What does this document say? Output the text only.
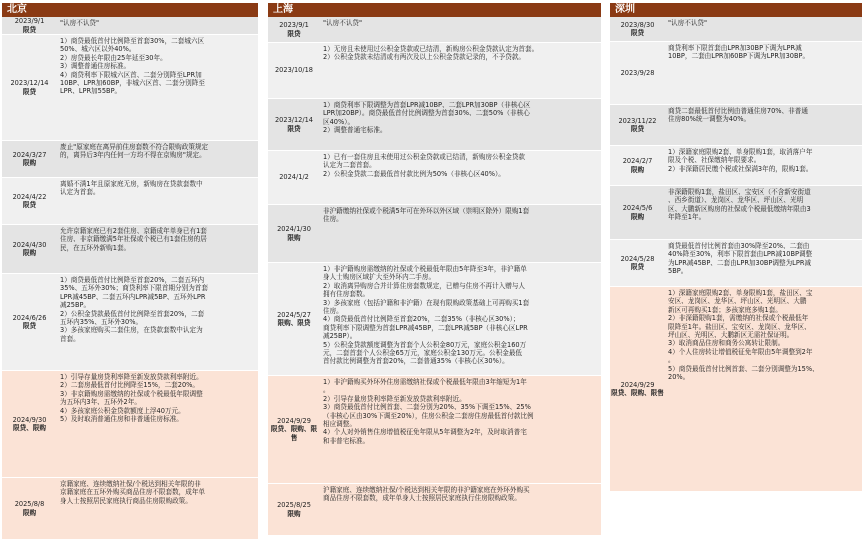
北京
2023/9/1
限贷
"认房不认贷"
2023/12/14
限贷
1）商贷最低首付比例降至首套30%，二套城六区
50%、城六区以外40%。
2）房贷最长年限由25年延至30年。
3）调整普通住房标准。
4）商贷利率下限城六区首、二套分别降至LPR加
10BP、LPR加60BP，非城六区首、二套分别降至
LPR、LPR加55BP。
2024/3/27
限购
废止"原家庭在离异前住房套数不符合限购政策规定
的，离异后3年内任何一方均不得在京购房"规定。
2024/4/22
限贷
离婚不满1年且原家庭无房，新购房在贷款套数中
认定为首套。
2024/4/30
限购
允许京籍家庭已有2套住房、京籍成年单身已有1套
住房、非京籍缴满5年社保或个税已有1套住房的居
民，在五环外新购1套。
2024/6/26
限贷
1）商贷最低首付比例降至首套20%，二套五环内
35%、五环外30%；商贷利率下限首期分别为首套
LPR减45BP、二套五环内LPR减5BP、五环外LPR
减25BP。
2）公积金贷款最低首付比例降至首套20%，二套
五环内35%、五环外30%。
3）多孩家庭购买二套住房，在贷款套数中认定为
首套。
2024/9/30
限贷、限购
1）引导存量房贷利率降至新发放贷款利率附近。
2）二套房最低首付比例降至15%，二套20%。
3）非京籍购房需缴纳的社保或个税最低年限调整
为五环内3年、五环外2年。
4）多孩家庭公积金贷款额度上浮40万元。
5）及时取消普通住房和非普通住房标准。
2025/8/8
限购
京籍家庭、连续缴纳社保/个税达到相关年限的非
京籍家庭在五环外购买商品住房不限套数，成年单
身人士按照居民家庭执行商品住房限购政策。
上海
2023/9/1
限贷
"认房不认贷"
2023/10/18
1）无房且未使用过公积金贷款或已结清，新购房公积金贷款认定为首套。
2）公积金贷款未结清或有两次及以上公积金贷款记录的，不予贷款。
2023/12/14
限贷
1）商贷利率下限调整为首套LPR减10BP、二套LPR加30BP（非核心区
LPR加20BP）。商贷最低首付比例调整为首套30%、二套50%（非核心
区40%）。
2）调整普通宅标准。
2024/1/2
1）已有一套住房且未使用过公积金贷款或已结清，新购房公积金贷款
认定为二套首套。
2）公积金贷款二套最低首付款比例为50%（非核心区40%）。
2024/1/30
限购
非沪籍缴纳社保或个税满5年可在外环以外区域（崇明区除外）限购1套
住房。
2024/5/27
限购、限贷
1）非沪籍购房需缴纳的社保或个税最低年限由5年降至3年，非沪籍单
身人士购房区域扩大至外环内二手房。
2）取消离异购房合并计算住房套数规定，已赠与住房不再计入赠与人
拥有住房套数。
3）多孩家庭（包括沪籍和非沪籍）在现有限购政策基础上可再购买1套
住房。
4）商贷最低首付比例降至首套20%，二套35%（非核心区30%）；
商贷利率下限调整为首套LPR减45BP，二套LPR减5BP（非核心区LPR
减25BP）。
5）公积金贷款额度调整为首套个人公积金80万元，家庭公积金160万
元，二套首套个人公积金65万元，家庭公积金130万元。公积金最低
首付款比例调整为首套20%，二套普通35%（非核心区30%）。
2024/9/29
限贷、限购、限售
1）非沪籍购买外环外住房需缴纳社保或个税最低年限由3年缩短为1年
。
2）引导存量房贷利率降至新发放贷款利率附近。
3）商贷最低首付比例首套、二套分别为20%、35%下调至15%、25%
（非核心区由30%下调至20%），住房公积金二套房住房最低首付款比例
相应调整。
4）个人对外销售住房增值税征免年限从5年调整为2年，及时取消普宅
和非普宅标准。
2025/8/25
限购
沪籍家庭、连续缴纳社保/个税达到相关年限的非沪籍家庭在外环外购买
商品住房不限套数，成年单身人士按照居民家庭执行住房限购政策。
深圳
2023/8/30
限贷
"认房不认贷"
2023/9/28
商贷利率下限首套由LPR加30BP下调为LPR减
10BP，二套由LPR加60BP下调为LPR加30BP。
2023/11/22
限贷
商贷二套最低首付比例由普通住房70%、非普通
住房80%统一调整为40%。
2024/2/7
限购
1）深籍家庭限购2套、单身限购1套，取消落户年
限及个税、社保缴纳年限要求。
2）非深籍居民缴个税或社保满3年的，限购1套。
2024/5/6
限购
非深籍限购1套，盐田区、宝安区（不含新安街道
、西乡街道）、龙岗区、龙华区、坪山区、光明
区、大鹏新区购房的社保或个税最低缴纳年限由3
年降至1年。
2024/5/28
限贷
商贷最低首付比例首套由30%降至20%、二套由
40%降至30%，利率下限首套由LPR减10BP调整
为LPR减45BP、二套由LPR加30BP调整为LPR减
5BP。
2024/9/29
限贷、限购、限售
1）深籍家庭限购2套、单身限购1套，盐田区、宝
安区、龙岗区、龙华区、坪山区、光明区、大鹏
新区可再购买1套；多孩家庭多购1套。
2）非深籍限购1套，需缴纳的社保或个税最低年
限降至1年。盐田区、宝安区、龙岗区、龙华区、
坪山区、光明区、大鹏新区无需社保证明。
3）取消商品住房和商务公寓转让限制。
4）个人住房转让增值税征免年限由5年调整到2年
。
5）商贷最低首付比例首套、二套分别调整为15%、
20%。
